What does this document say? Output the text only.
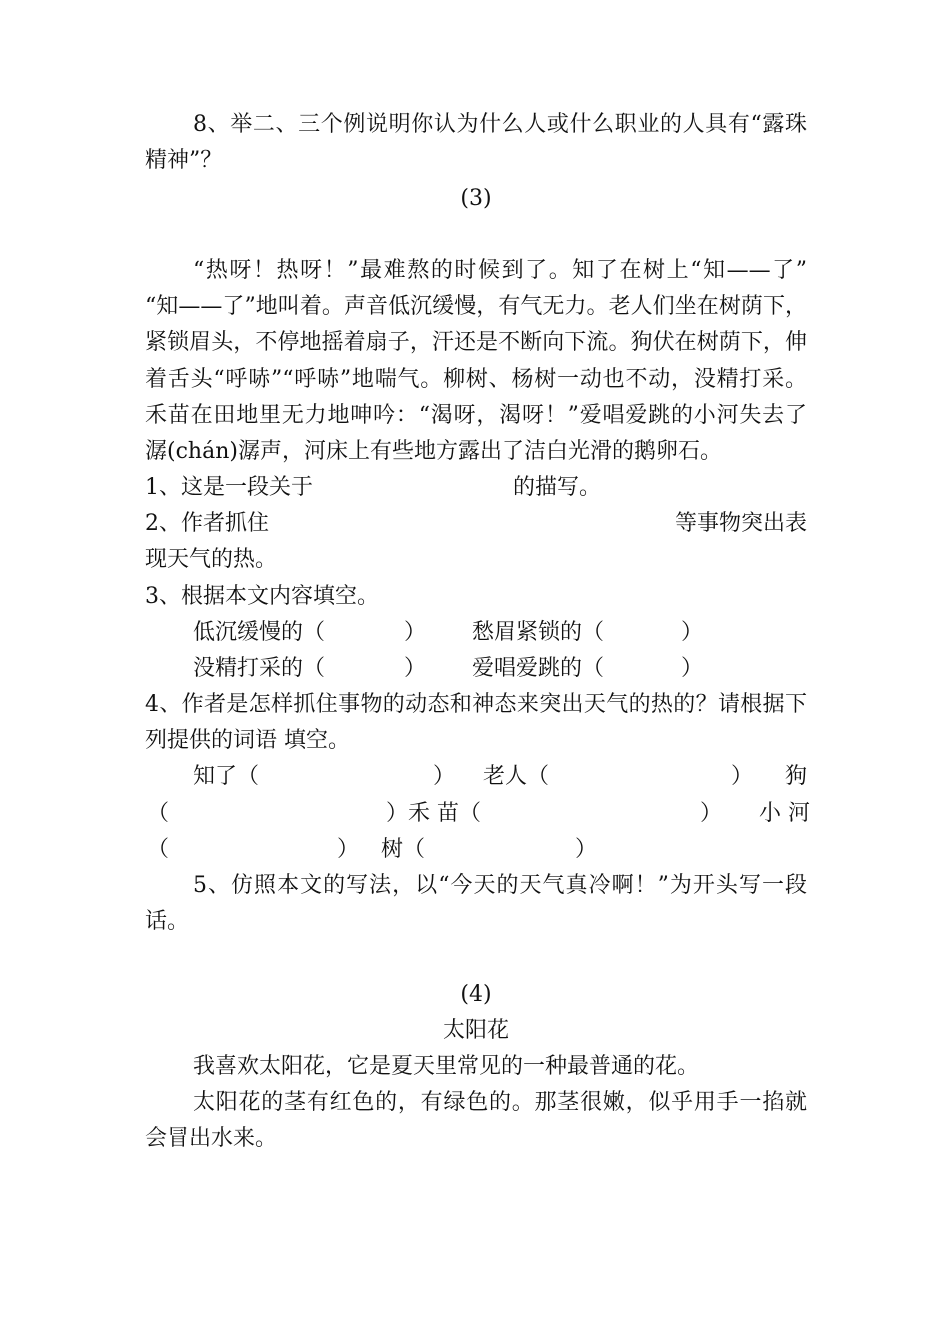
8、举二、三个例说明你认为什么人或什么职业的人具有“露珠
精神”？
(3)
“热呀！热呀！”最难熬的时候到了。知了在树上“知——了”
“知——了”地叫着。声音低沉缓慢，有气无力。老人们坐在树荫下，
紧锁眉头，不停地摇着扇子，汗还是不断向下流。狗伏在树荫下，伸
着舌头“呼哧”“呼哧”地喘气。柳树、杨树一动也不动，没精打采。
禾苗在田地里无力地呻吟：“渴呀，渴呀！”爱唱爱跳的小河失去了
潺(chán)潺声，河床上有些地方露出了洁白光滑的鹅卵石。
1、这是一段关于	的描写。
2、作者抓住	等事物突出表
现天气的热。
3、根据本文内容填空。
低沉缓慢的（	） 愁眉紧锁的（	）
没精打采的（	） 爱唱爱跳的（	）
4、作者是怎样抓住事物的动态和神态来突出天气的热的？请根据下
列提供的词语 填空。
知了（	） 老人（	） 狗
（	）禾 苗（	） 小 河
（	） 树（	）
5、仿照本文的写法，以“今天的天气真冷啊！”为开头写一段
话。
(4)
太阳花
我喜欢太阳花，它是夏天里常见的一种最普通的花。
太阳花的茎有红色的，有绿色的。那茎很嫩，似乎用手一掐就
会冒出水来。
